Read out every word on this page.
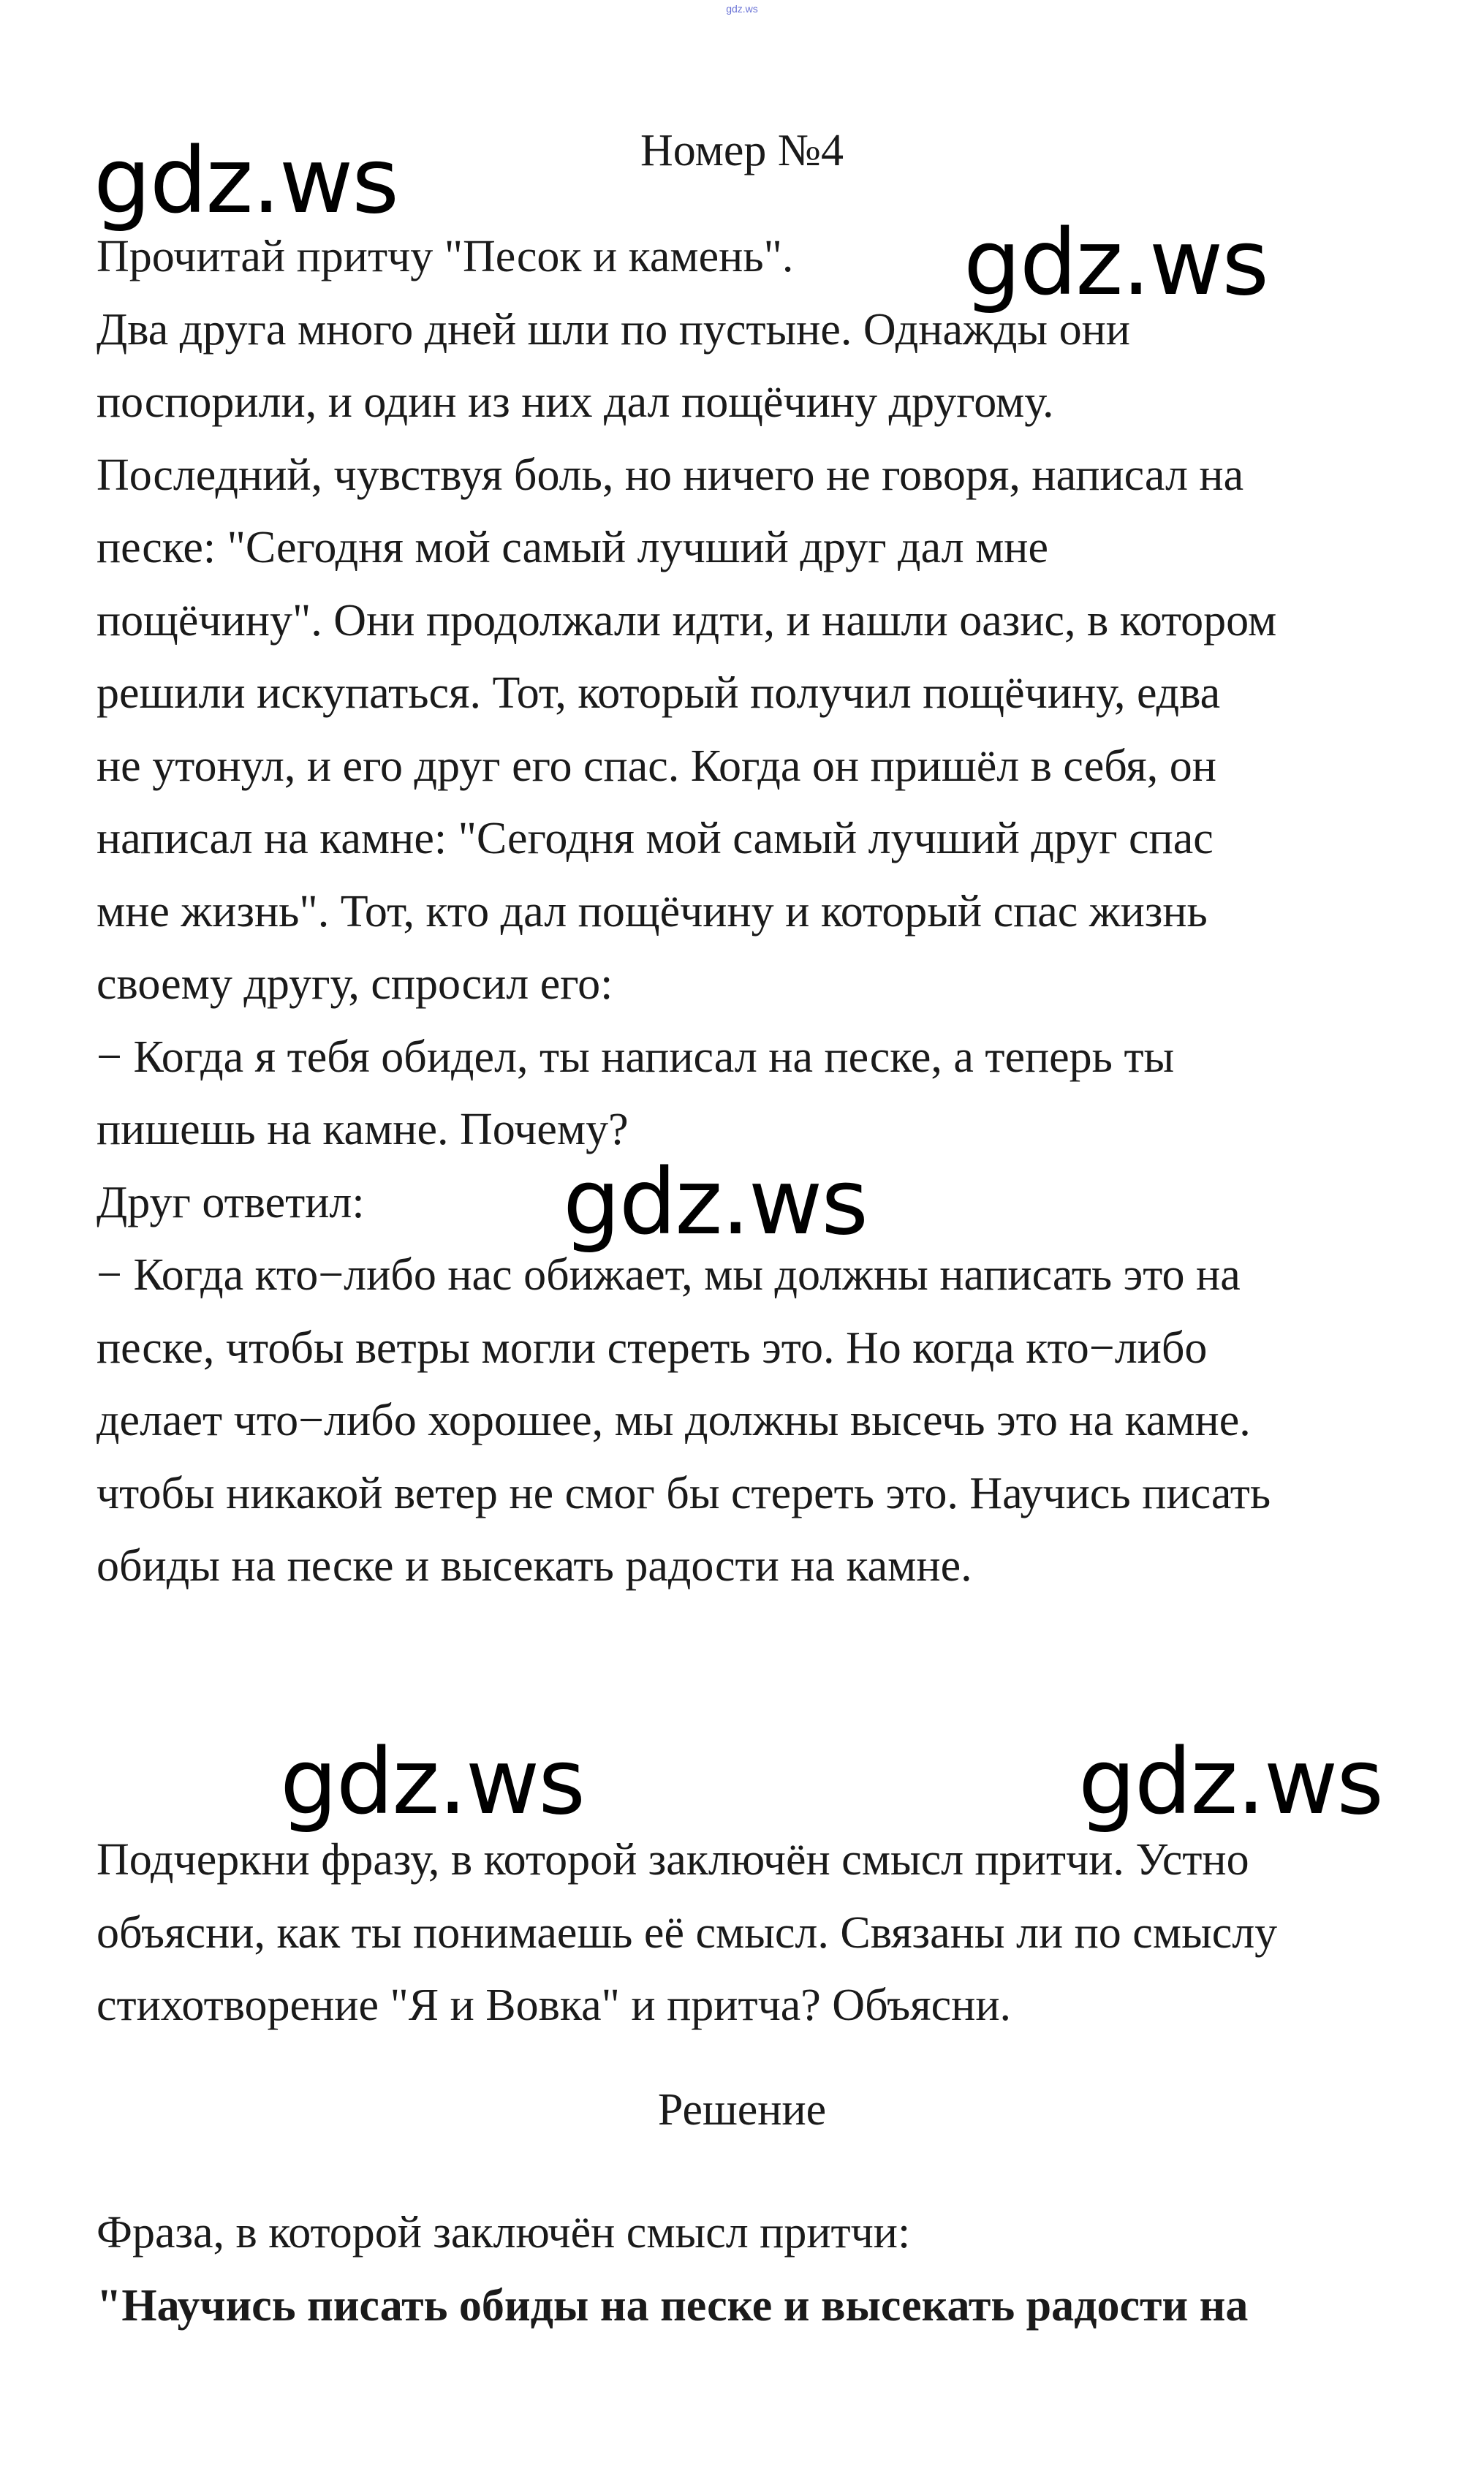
gdz.ws
Номер №4

Прочитай притчу "Песок и камень".

Два друга много дней шли по пустыне. Однажды они

поспорили, и один из них дал пощёчину другому.

Последний, чувствуя боль, но ничего не говоря, написал на

песке: "Сегодня мой самый лучший друг дал мне

пощёчину". Они продолжали идти, и нашли оазис, в котором

решили искупаться. Тот, который получил пощёчину, едва

не утонул, и его друг его спас. Когда он пришёл в себя, он

написал на камне: "Сегодня мой самый лучший друг спас

мне жизнь". Тот, кто дал пощёчину и который спас жизнь

своему другу, спросил его:

− Когда я тебя обидел, ты написал на песке, а теперь ты

пишешь на камне. Почему?

Друг ответил:

− Когда кто−либо нас обижает, мы должны написать это на

песке, чтобы ветры могли стереть это. Но когда кто−либо

делает что−либо хорошее, мы должны высечь это на камне.

чтобы никакой ветер не смог бы стереть это. Научись писать

обиды на песке и высекать радости на камне.

Подчеркни фразу, в которой заключён смысл притчи. Устно

объясни, как ты понимаешь её смысл. Связаны ли по смыслу

стихотворение "Я и Вовка" и притча? Объясни.

Решение

Фраза, в которой заключён смысл притчи:

"Научись писать обиды на песке и высекать радости на

gdz.ws
gdz.ws
gdz.ws
gdz.ws	gdz.ws
